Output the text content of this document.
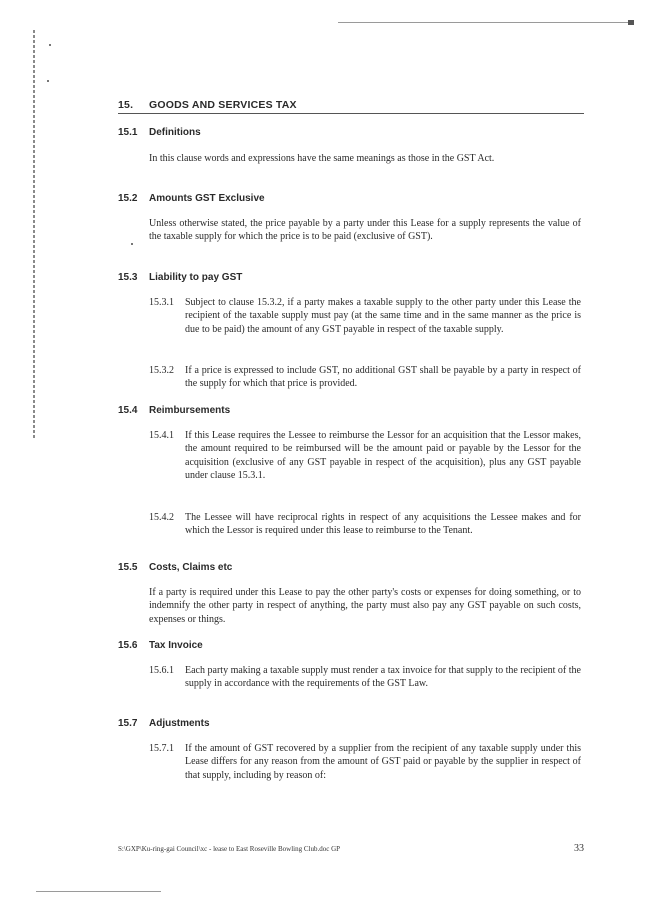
15. GOODS AND SERVICES TAX
15.1 Definitions

In this clause words and expressions have the same meanings as those in the GST Act.

15.2 Amounts GST Exclusive

Unless otherwise stated, the price payable by a party under this Lease for a supply represents the value of the taxable supply for which the price is to be paid (exclusive of GST).

15.3 Liability to pay GST
15.3.1	Subject to clause 15.3.2, if a party makes a taxable supply to the other party under this Lease the recipient of the taxable supply must pay (at the same time and in the same manner as the price is due to be paid) the amount of any GST payable in respect of the taxable supply.
15.3.2	If a price is expressed to include GST, no additional GST shall be payable by a party in respect of the supply for which that price is provided.
15.4 Reimbursements
15.4.1	If this Lease requires the Lessee to reimburse the Lessor for an acquisition that the Lessor makes, the amount required to be reimbursed will be the amount paid or payable by the Lessor for the acquisition (exclusive of any GST payable in respect of the acquisition), plus any GST payable under clause 15.3.1.
15.4.2	The Lessee will have reciprocal rights in respect of any acquisitions the Lessee makes and for which the Lessor is required under this lease to reimburse to the Tenant.
15.5 Costs, Claims etc

If a party is required under this Lease to pay the other party's costs or expenses for doing something, or to indemnify the other party in respect of anything, the party must also pay any GST payable on such costs, expenses or things.

15.6 Tax Invoice
15.6.1	Each party making a taxable supply must render a tax invoice for that supply to the recipient of the supply in accordance with the requirements of the GST Law.
15.7 Adjustments
15.7.1	If the amount of GST recovered by a supplier from the recipient of any taxable supply under this Lease differs for any reason from the amount of GST paid or payable by the supplier in respect of that supply, including by reason of:
S:\GXP\Ku-ring-gai Council\xc - lease to East Roseville Bowling Club.doc GP	33
